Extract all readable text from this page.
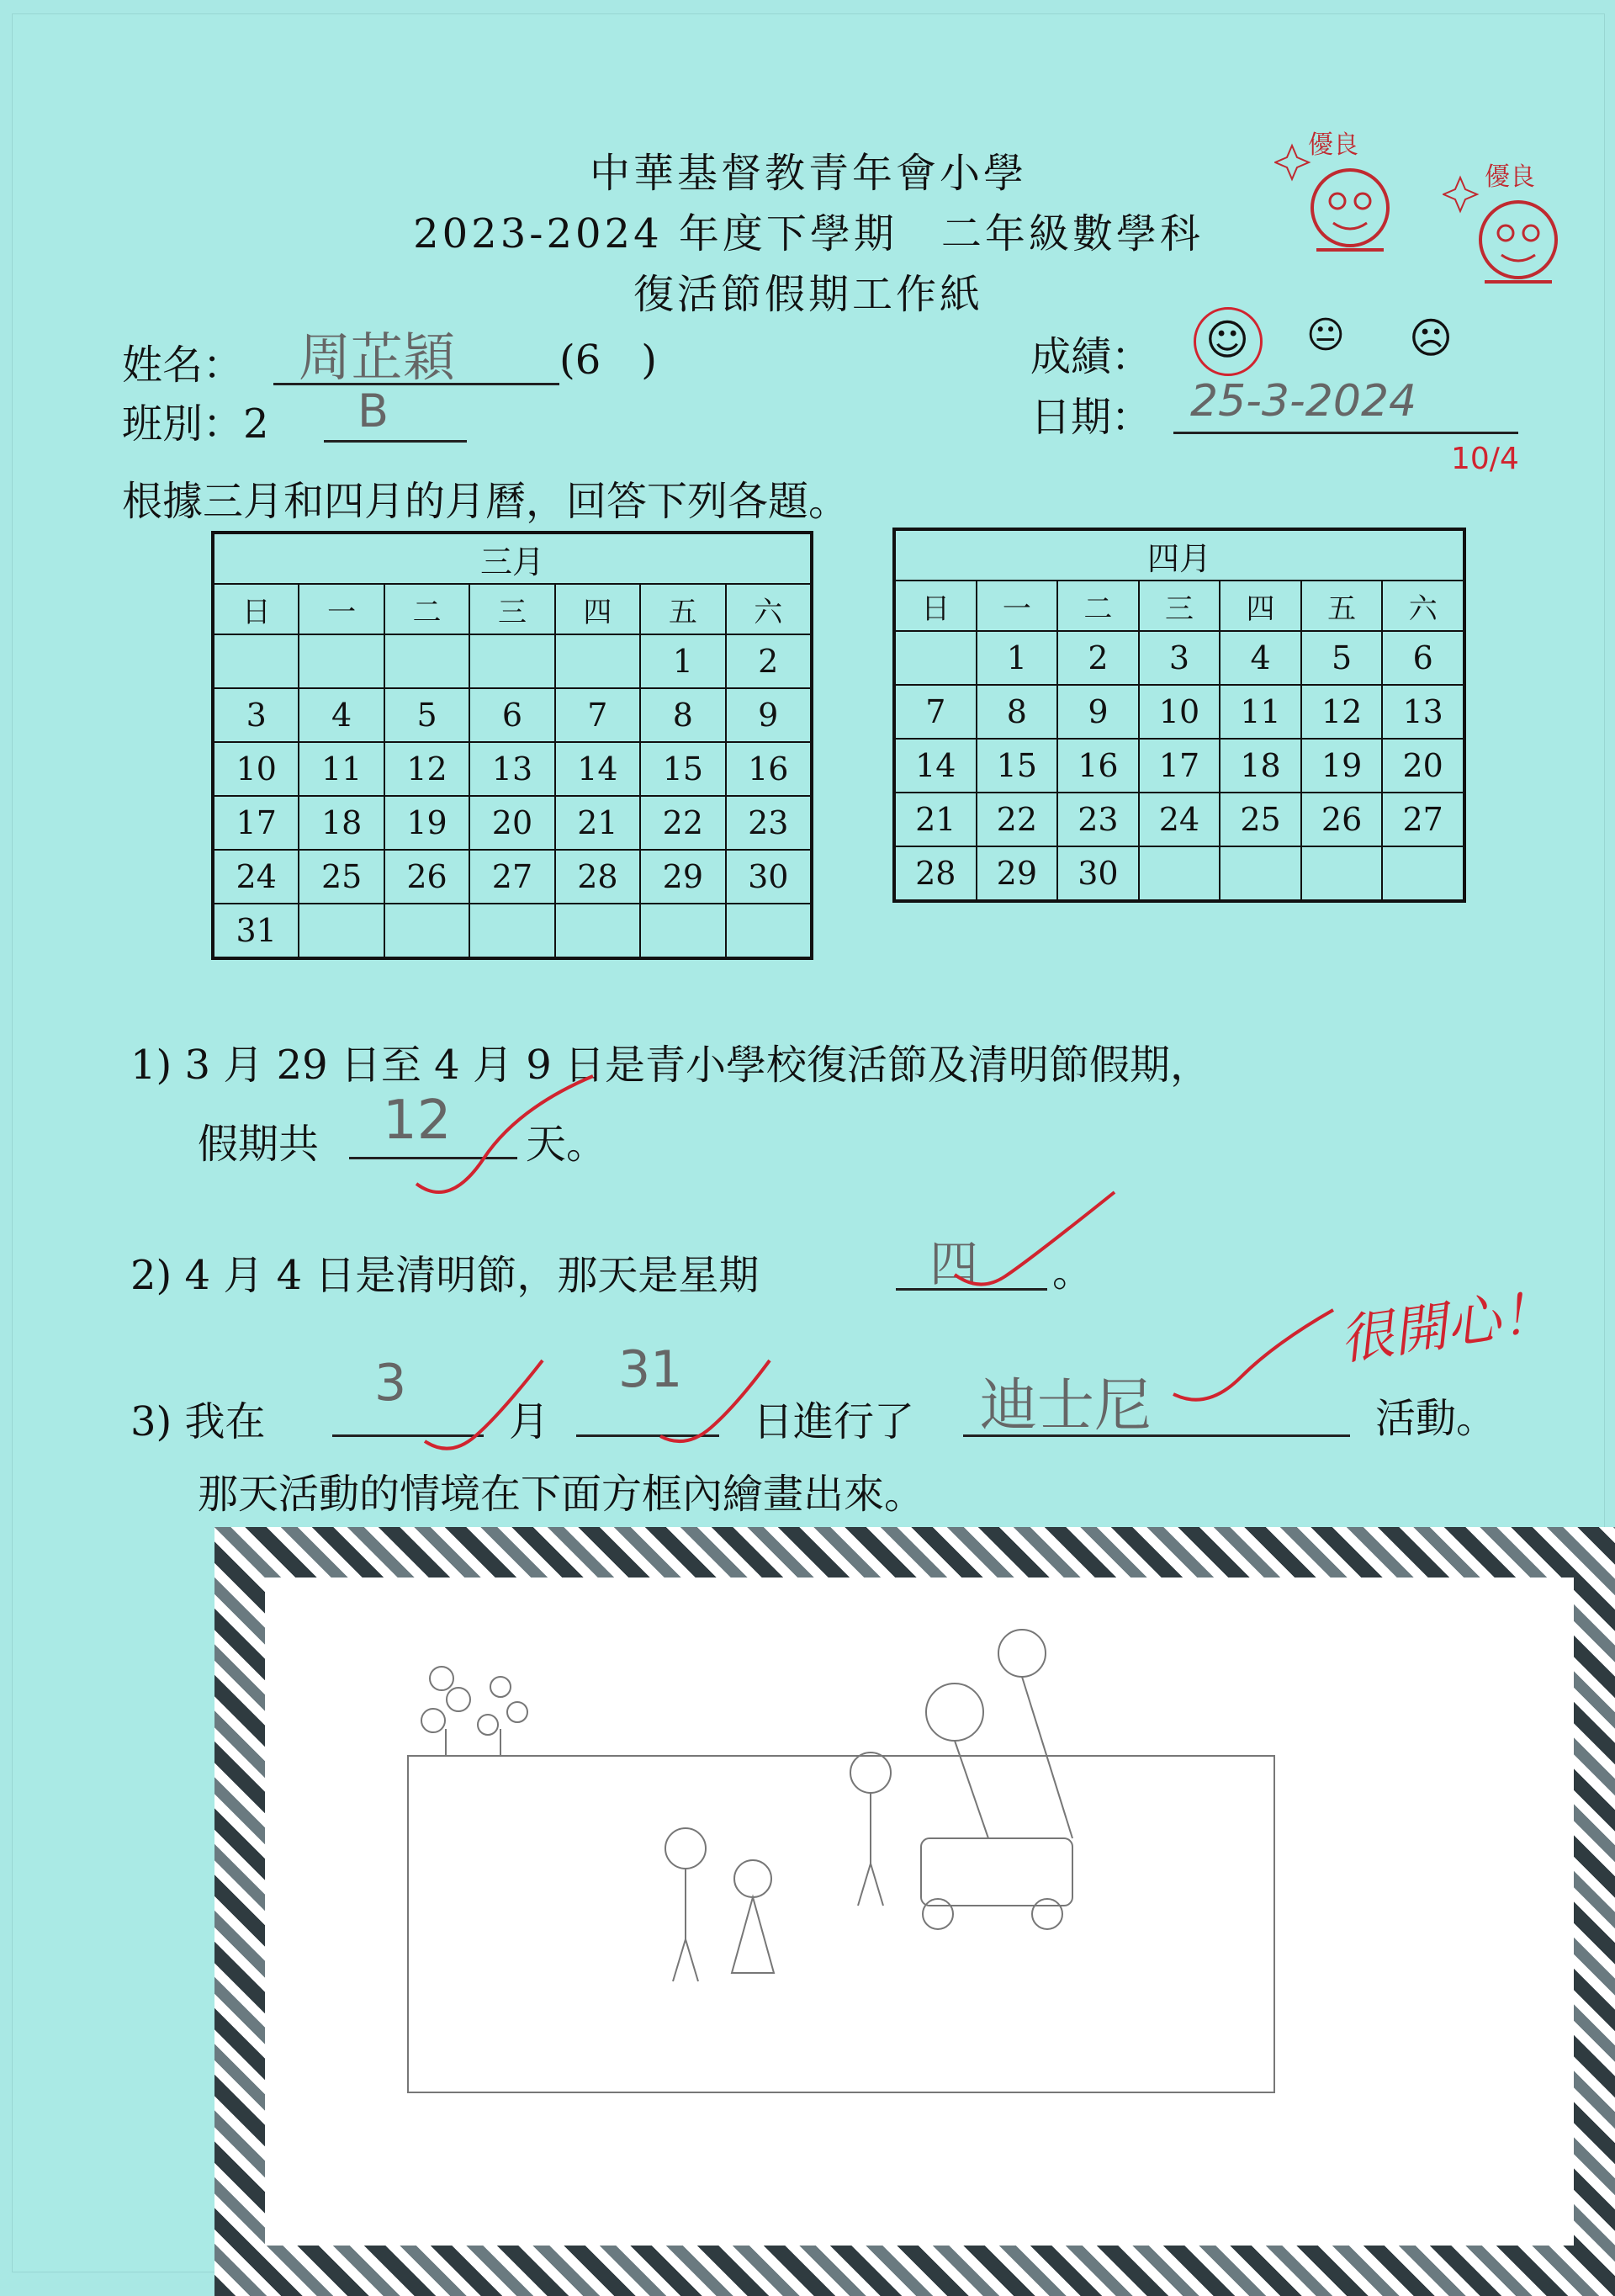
中華基督教青年會小學
2023-2024 年度下學期　二年級數學科
復活節假期工作紙
優良
優良
姓名： 周芷穎	(6　)
班別：2 B
成績： ☺ 😐 ☹
日期： 25-3-2024
10/4
根據三月和四月的月曆，回答下列各題。
三月						
日	一	二	三	四	五	六
					1	2
3	4	5	6	7	8	9
10	11	12	13	14	15	16
17	18	19	20	21	22	23
24	25	26	27	28	29	30
31						
四月						
日	一	二	三	四	五	六
	1	2	3	4	5	6
7	8	9	10	11	12	13
14	15	16	17	18	19	20
21	22	23	24	25	26	27
28	29	30				
1) 3 月 29 日至 4 月 9 日是青小學校復活節及清明節假期，
假期共 12 天。
2) 4 月 4 日是清明節，那天是星期	四 。
3) 我在
3
月
31
日進行了 迪士尼	活動。
那天活動的情境在下面方框內繪畫出來。
很開心！
